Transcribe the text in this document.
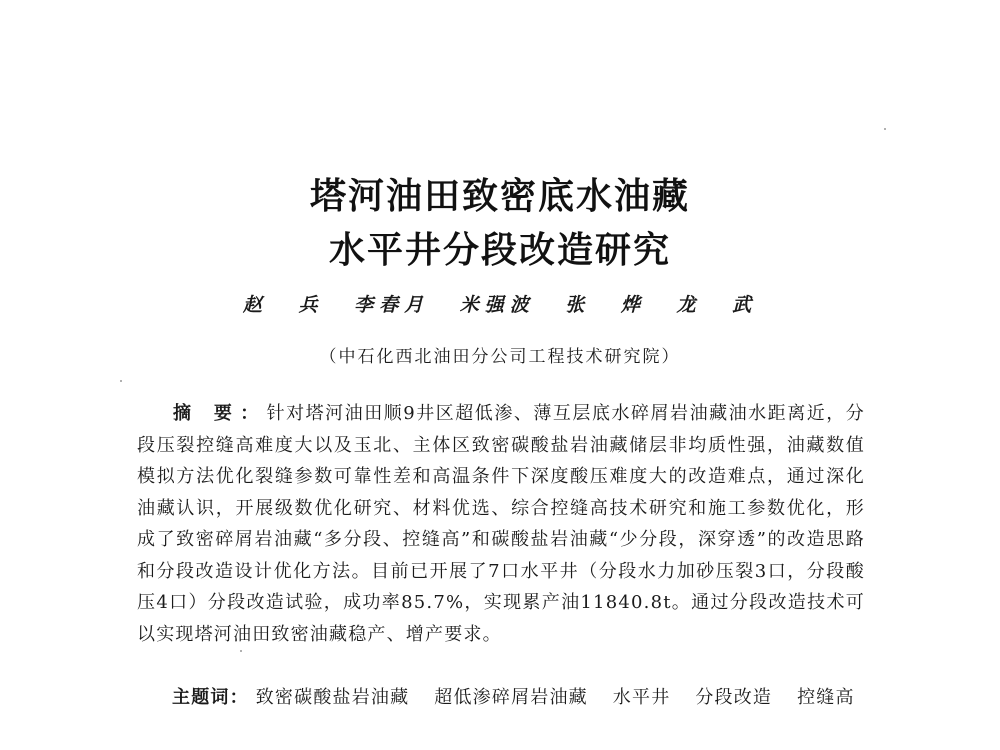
塔河油田致密底水油藏
水平井分段改造研究
赵 兵 李春月 米强波 张 烨 龙 武
（中石化西北油田分公司工程技术研究院）
摘 要：针对塔河油田顺9井区超低渗、薄互层底水碎屑岩油藏油水距离近，分段压裂控缝高难度大以及玉北、主体区致密碳酸盐岩油藏储层非均质性强，油藏数值模拟方法优化裂缝参数可靠性差和高温条件下深度酸压难度大的改造难点，通过深化油藏认识，开展级数优化研究、材料优选、综合控缝高技术研究和施工参数优化，形成了致密碎屑岩油藏“多分段、控缝高”和碳酸盐岩油藏“少分段，深穿透”的改造思路和分段改造设计优化方法。目前已开展了7口水平井（分段水力加砂压裂3口，分段酸压4口）分段改造试验，成功率85.7%，实现累产油11840.8t。通过分段改造技术可以实现塔河油田致密油藏稳产、增产要求。
主题词： 致密碳酸盐岩油藏 超低渗碎屑岩油藏 水平井 分段改造 控缝高
